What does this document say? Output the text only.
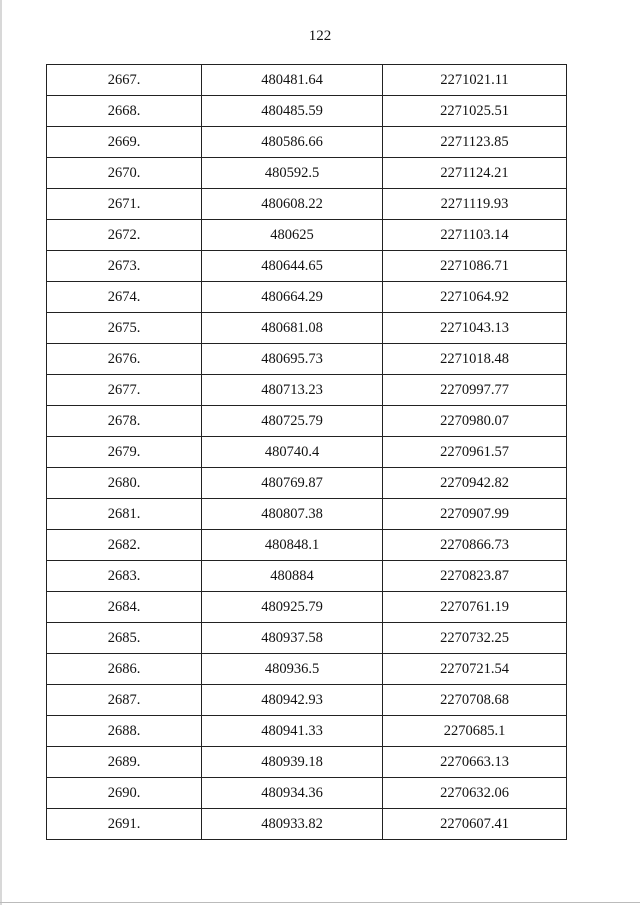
122
2667.	480481.64	2271021.11
2668.	480485.59	2271025.51
2669.	480586.66	2271123.85
2670.	480592.5	2271124.21
2671.	480608.22	2271119.93
2672.	480625	2271103.14
2673.	480644.65	2271086.71
2674.	480664.29	2271064.92
2675.	480681.08	2271043.13
2676.	480695.73	2271018.48
2677.	480713.23	2270997.77
2678.	480725.79	2270980.07
2679.	480740.4	2270961.57
2680.	480769.87	2270942.82
2681.	480807.38	2270907.99
2682.	480848.1	2270866.73
2683.	480884	2270823.87
2684.	480925.79	2270761.19
2685.	480937.58	2270732.25
2686.	480936.5	2270721.54
2687.	480942.93	2270708.68
2688.	480941.33	2270685.1
2689.	480939.18	2270663.13
2690.	480934.36	2270632.06
2691.	480933.82	2270607.41
